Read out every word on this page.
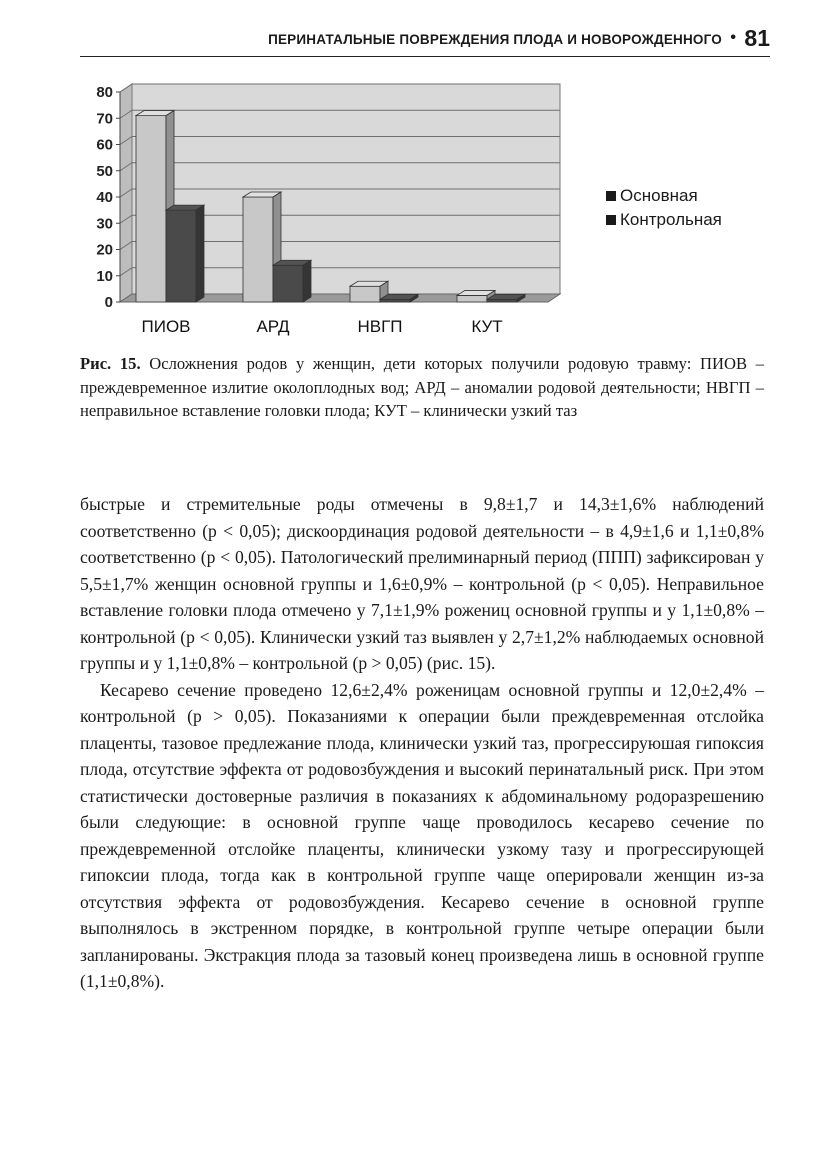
ПЕРИНАТАЛЬНЫЕ ПОВРЕЖДЕНИЯ ПЛОДА И НОВОРОЖДЕННОГО • 81
0
10
20
30
40
50
60
70
80
ПИОВ	АРД	НВГП	КУТ
Основная
Контрольная
Рис. 15. Осложнения родов у женщин, дети которых получили родовую травму: ПИОВ – преждевременное излитие околоплодных вод; АРД – аномалии родовой деятельности; НВГП – неправильное вставление головки плода; КУТ – клинически узкий таз

быстрые и стремительные роды отмечены в 9,8±1,7 и 14,3±1,6% наблюдений соответственно (p < 0,05); дискоординация родовой деятельности – в 4,9±1,6 и 1,1±0,8% соответственно (p < 0,05). Патологический прелиминарный период (ППП) зафиксирован у 5,5±1,7% женщин основной группы и 1,6±0,9% – контрольной (p < 0,05). Неправильное вставление головки плода отмечено у 7,1±1,9% рожениц основной группы и у 1,1±0,8% – контрольной (p < 0,05). Клинически узкий таз выявлен у 2,7±1,2% наблюдаемых основной группы и у 1,1±0,8% – контрольной (p > 0,05) (рис. 15).

Кесарево сечение проведено 12,6±2,4% роженицам основной группы и 12,0±2,4% – контрольной (p > 0,05). Показаниями к операции были преждевременная отслойка плаценты, тазовое предлежание плода, клинически узкий таз, прогрессируюшая гипоксия плода, отсутствие эффекта от родовозбуждения и высокий перинатальный риск. При этом статистически достоверные различия в показаниях к абдоминальному родоразрешению были следующие: в основной группе чаще проводилось кесарево сечение по преждевременной отслойке плаценты, клинически узкому тазу и прогрессирующей гипоксии плода, тогда как в контрольной группе чаще оперировали женщин из-за отсутствия эффекта от родовозбуждения. Кесарево сечение в основной группе выполнялось в экстренном порядке, в контрольной группе четыре операции были запланированы. Экстракция плода за тазовый конец произведена лишь в основной группе (1,1±0,8%).
